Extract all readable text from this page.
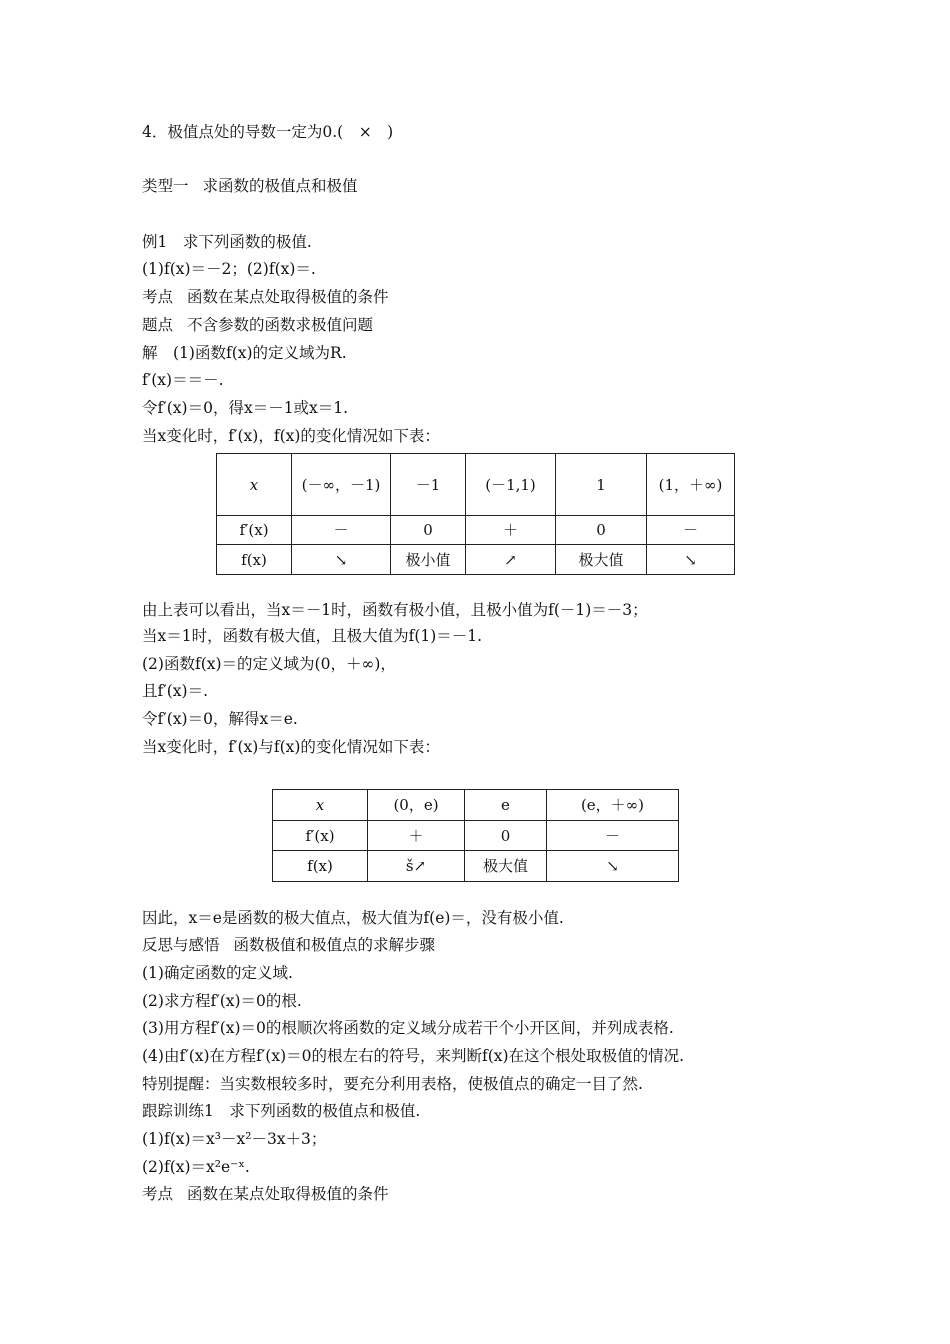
4．极值点处的导数一定为0.(　×　)
类型一 求函数的极值点和极值
例1　求下列函数的极值.
(1)f(x)＝－2；(2)f(x)＝.
考点 函数在某点处取得极值的条件
题点 不含参数的函数求极值问题
解　(1)函数f(x)的定义域为R.
f′(x)＝＝－.
令f′(x)＝0，得x＝－1或x＝1.
当x变化时，f′(x)，f(x)的变化情况如下表：
x	(－∞，－1)	－1	(－1,1)	1	(1，＋∞)
f′(x)	－	0	＋	0	－
f(x)	↘	极小值	↗	极大值	↘
由上表可以看出，当x＝－1时，函数有极小值，且极小值为f(－1)＝－3；
当x＝1时，函数有极大值，且极大值为f(1)＝－1.
(2)函数f(x)＝的定义域为(0，＋∞)，
且f′(x)＝.
令f′(x)＝0，解得x＝e.
当x变化时，f′(x)与f(x)的变化情况如下表：
x	(0，e)	e	(e，＋∞)
f′(x)	＋	0	－
f(x)	š↗	极大值	↘
因此，x＝e是函数的极大值点，极大值为f(e)＝，没有极小值.
反思与感悟 函数极值和极值点的求解步骤
(1)确定函数的定义域.
(2)求方程f′(x)＝0的根.
(3)用方程f′(x)＝0的根顺次将函数的定义域分成若干个小开区间，并列成表格.
(4)由f′(x)在方程f′(x)＝0的根左右的符号，来判断f(x)在这个根处取极值的情况.
特别提醒：当实数根较多时，要充分利用表格，使极值点的确定一目了然.
跟踪训练1　求下列函数的极值点和极值.
(1)f(x)＝x³－x²－3x＋3；
(2)f(x)＝x²e⁻ˣ.
考点 函数在某点处取得极值的条件
